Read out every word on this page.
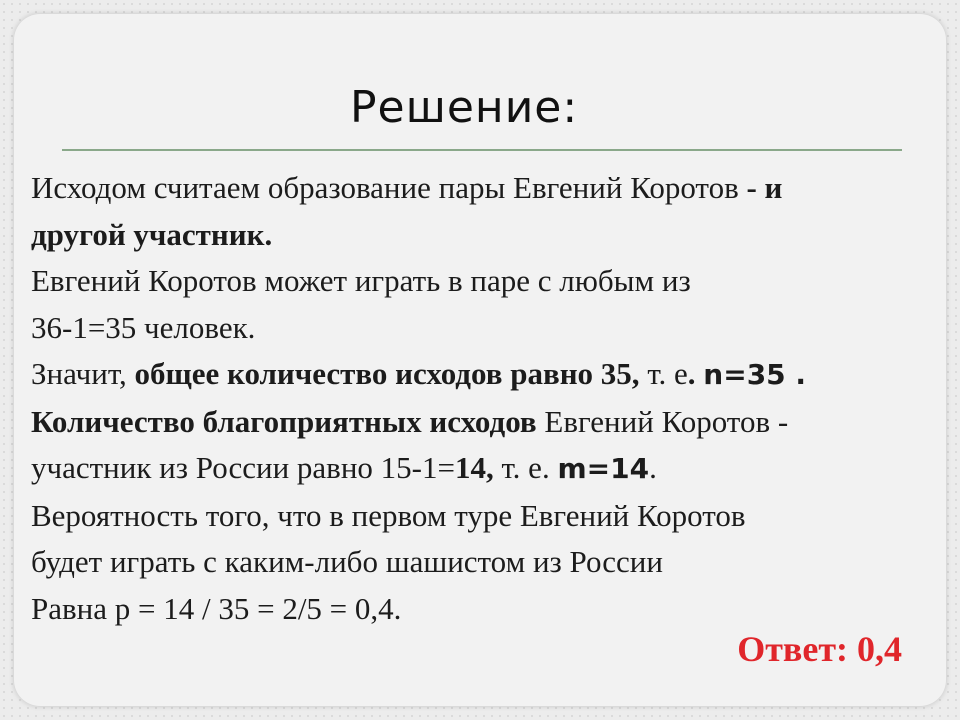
Решение:
Исходом считаем образование пары Евгений Коротов - и
другой участник.
Евгений Коротов может играть в паре с любым из
36-1=35 человек.
Значит, общее количество исходов равно 35, т. е. n=35 .
Количество благоприятных исходов Евгений Коротов -
участник из России равно 15-1=14, т. е. m=14.
Вероятность того, что в первом туре Евгений Коротов
будет играть с каким-либо шашистом из России
Равна р = 14 / 35 = 2/5 = 0,4.
Ответ: 0,4
